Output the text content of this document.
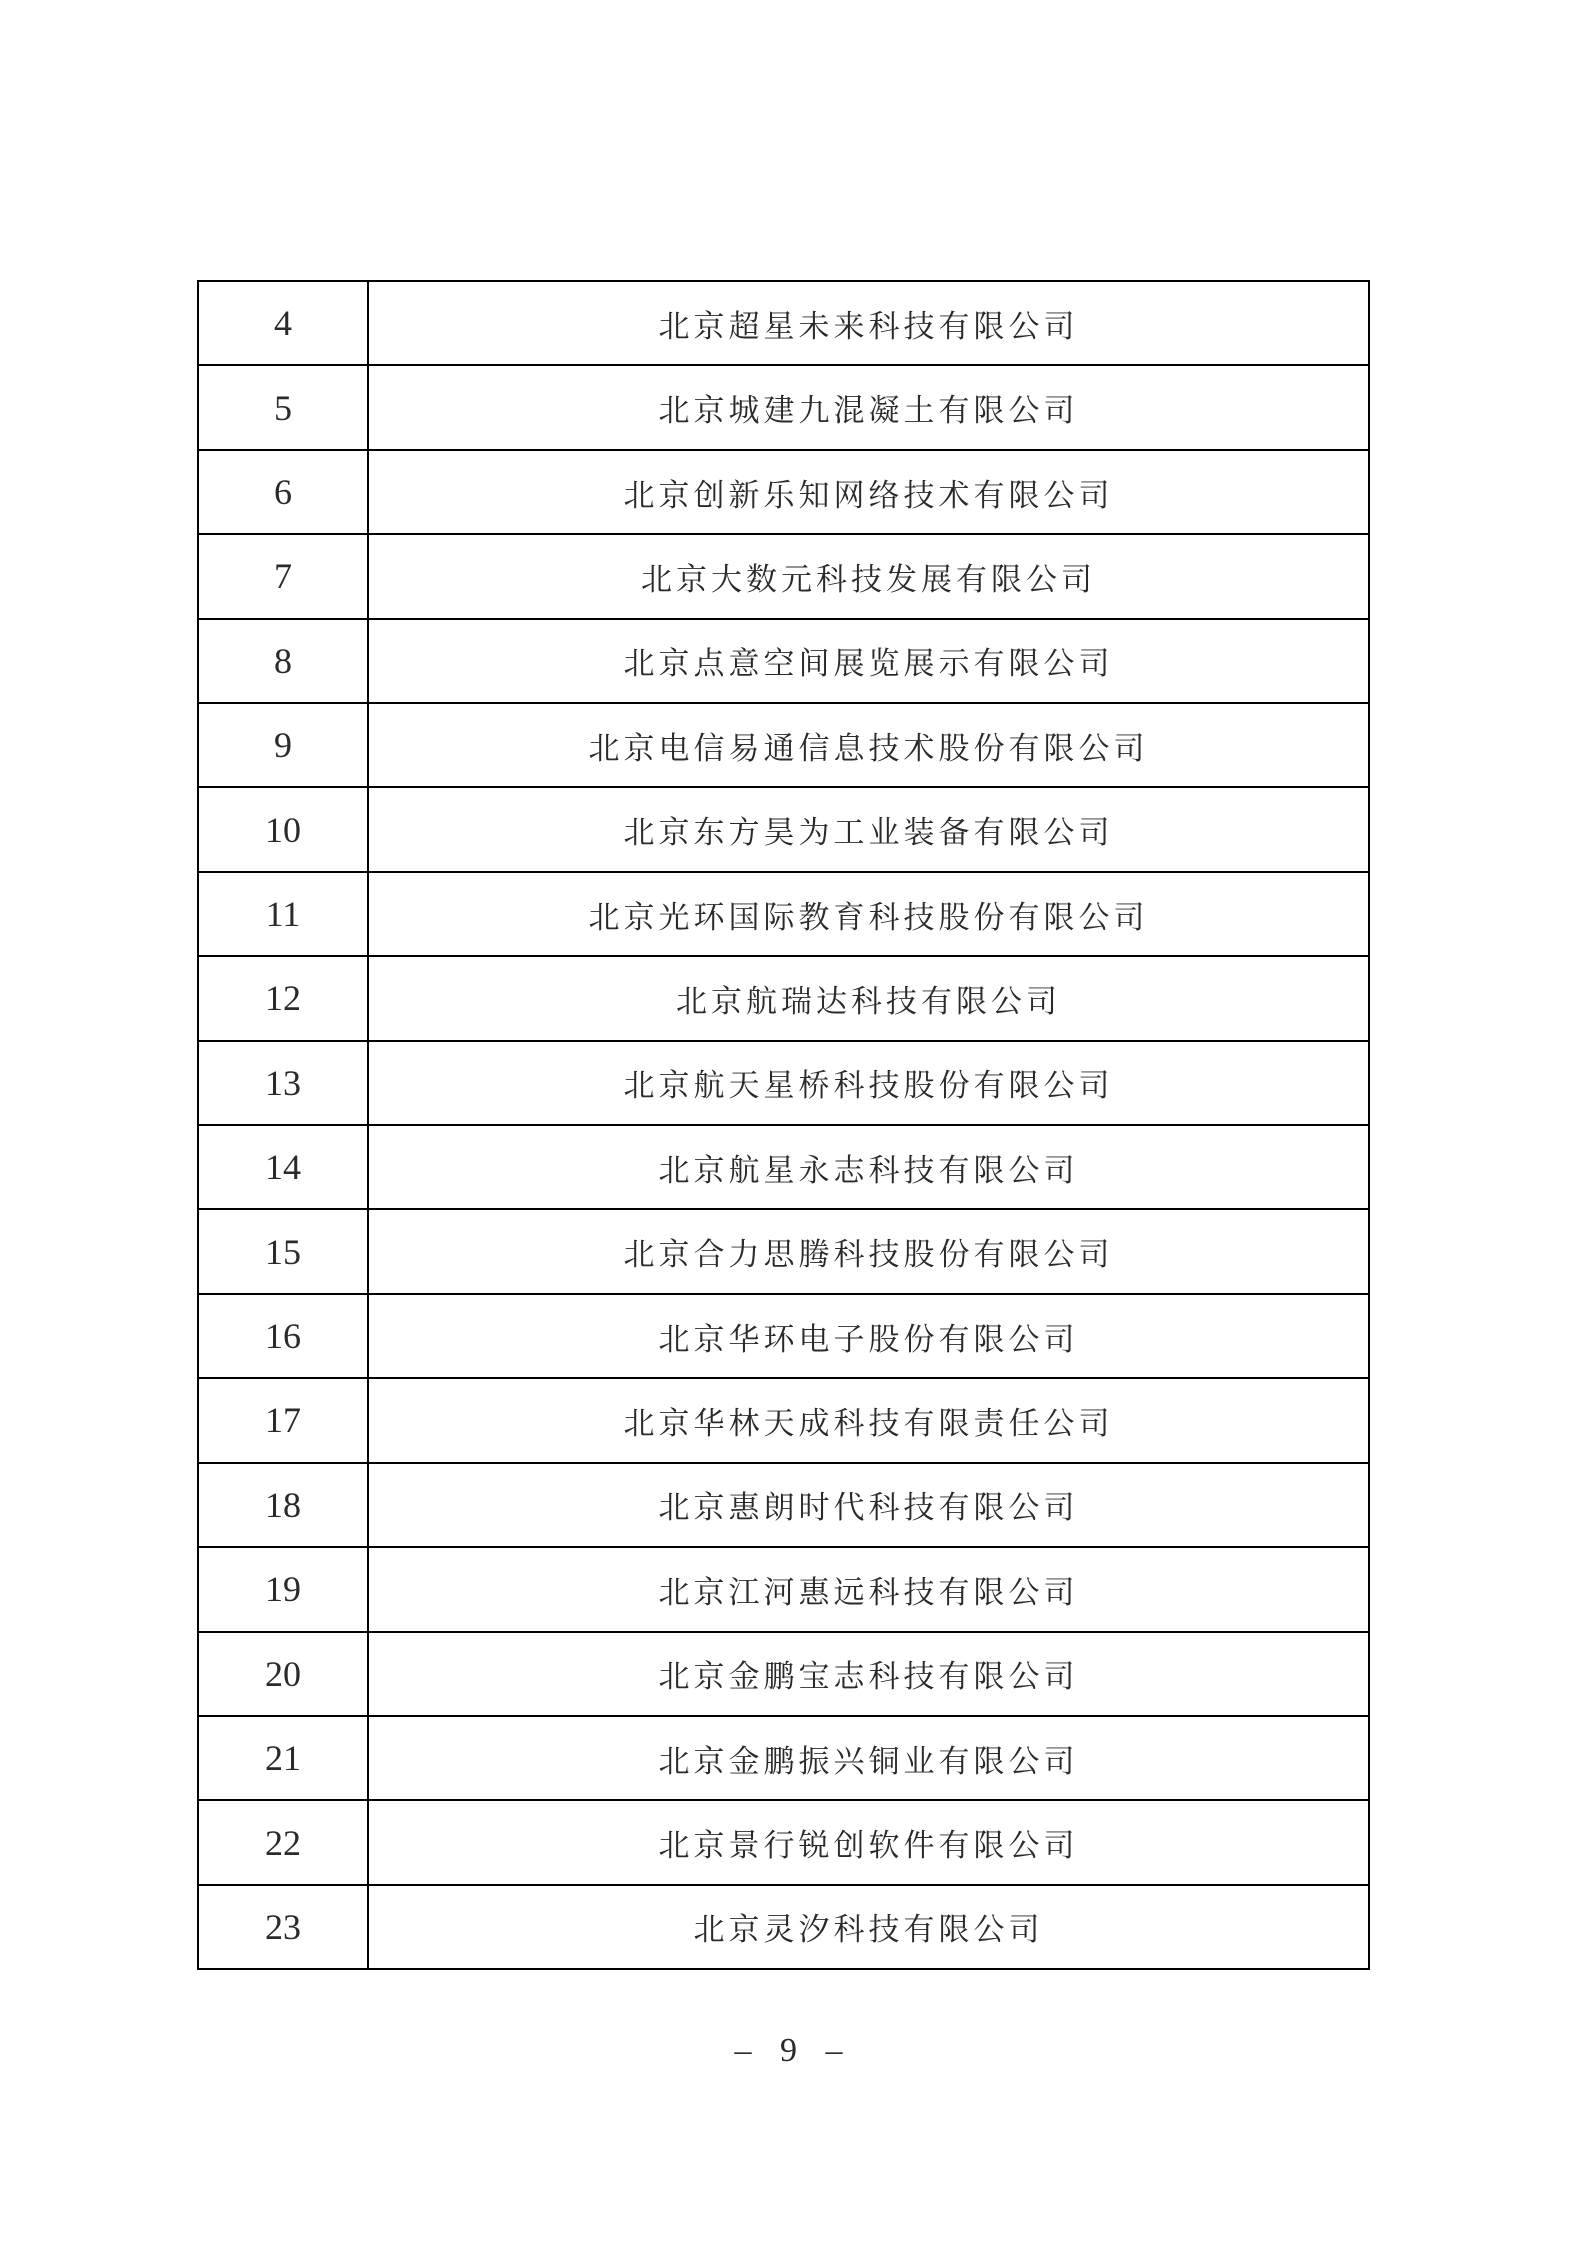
4	北京超星未来科技有限公司
5	北京城建九混凝土有限公司
6	北京创新乐知网络技术有限公司
7	北京大数元科技发展有限公司
8	北京点意空间展览展示有限公司
9	北京电信易通信息技术股份有限公司
10	北京东方昊为工业装备有限公司
11	北京光环国际教育科技股份有限公司
12	北京航瑞达科技有限公司
13	北京航天星桥科技股份有限公司
14	北京航星永志科技有限公司
15	北京合力思腾科技股份有限公司
16	北京华环电子股份有限公司
17	北京华林天成科技有限责任公司
18	北京惠朗时代科技有限公司
19	北京江河惠远科技有限公司
20	北京金鹏宝志科技有限公司
21	北京金鹏振兴铜业有限公司
22	北京景行锐创软件有限公司
23	北京灵汐科技有限公司
– 9 –
